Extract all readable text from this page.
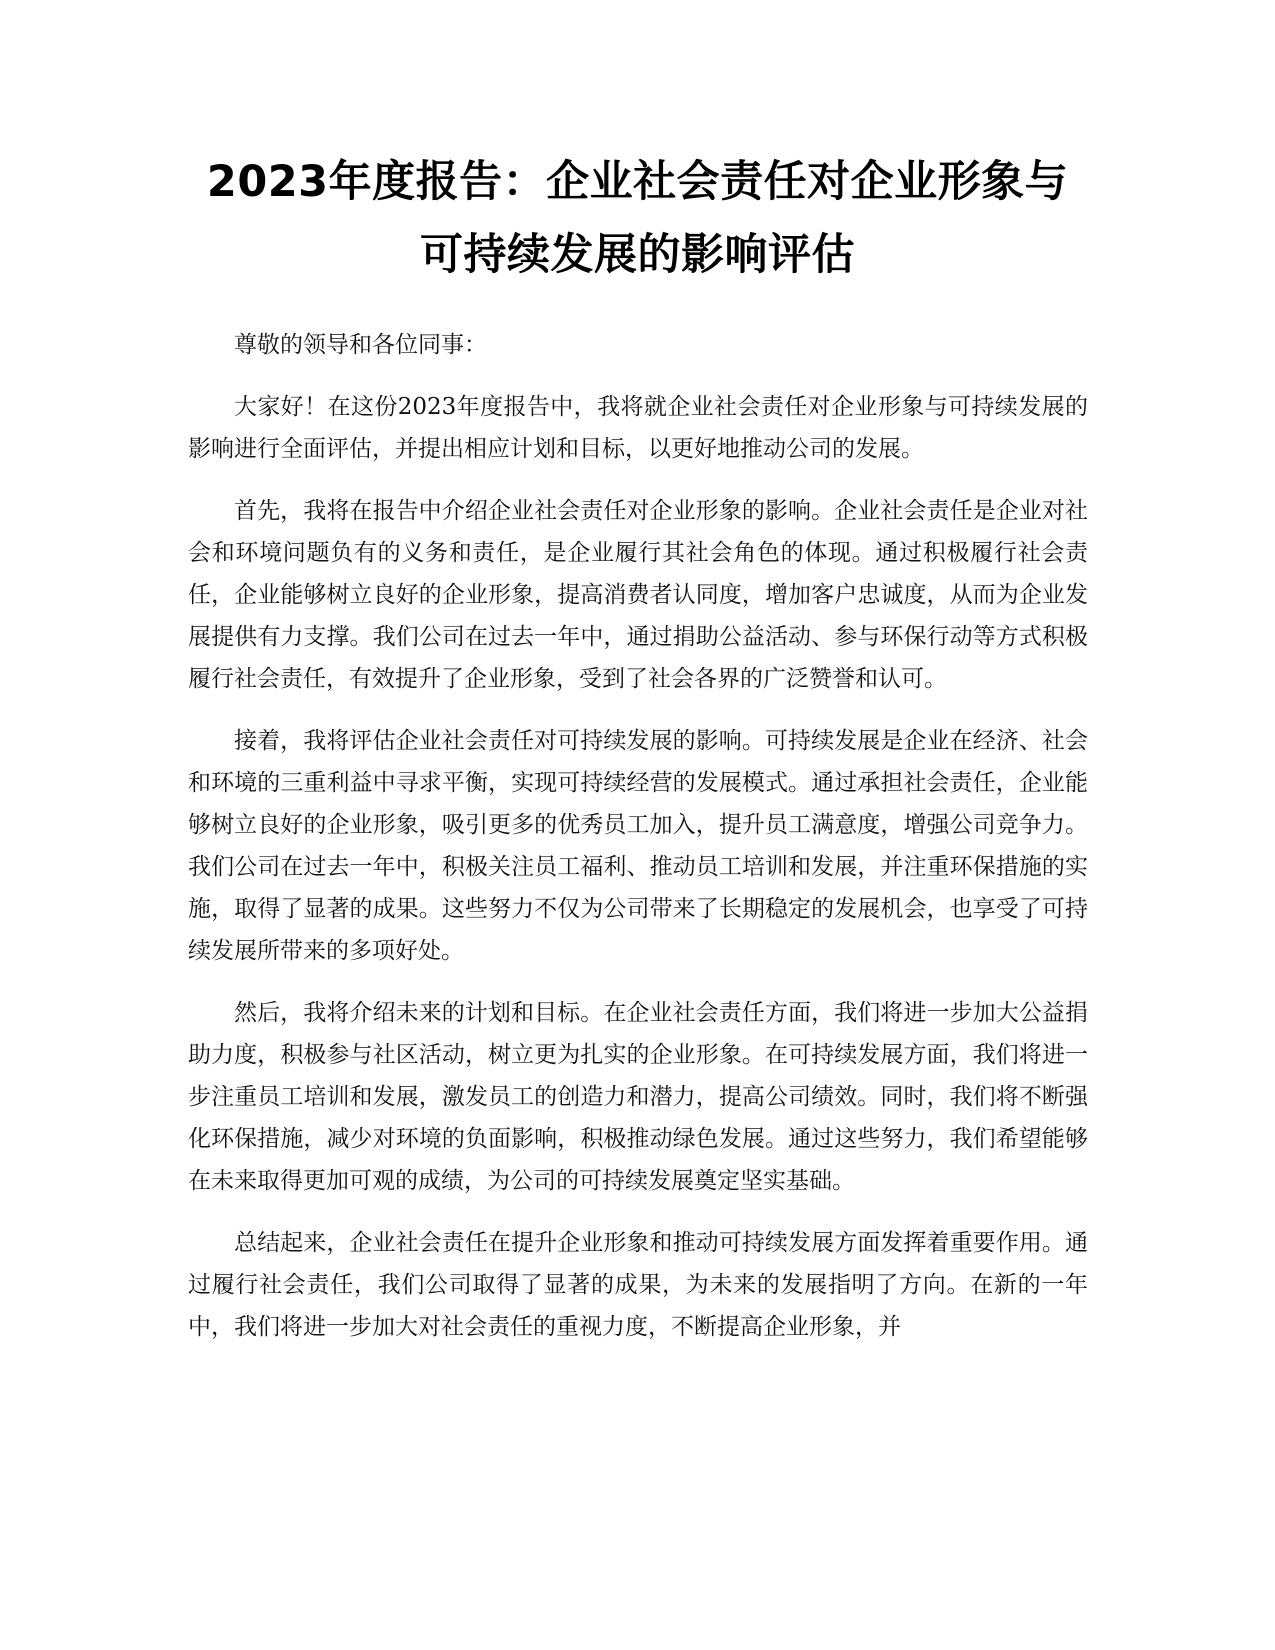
2023年度报告：企业社会责任对企业形象与
可持续发展的影响评估

尊敬的领导和各位同事：

大家好！在这份2023年度报告中，我将就企业社会责任对企业形象与可持续发展的影响进行全面评估，并提出相应计划和目标，以更好地推动公司的发展。

首先，我将在报告中介绍企业社会责任对企业形象的影响。企业社会责任是企业对社会和环境问题负有的义务和责任，是企业履行其社会角色的体现。通过积极履行社会责任，企业能够树立良好的企业形象，提高消费者认同度，增加客户忠诚度，从而为企业发展提供有力支撑。我们公司在过去一年中，通过捐助公益活动、参与环保行动等方式积极履行社会责任，有效提升了企业形象，受到了社会各界的广泛赞誉和认可。

接着，我将评估企业社会责任对可持续发展的影响。可持续发展是企业在经济、社会和环境的三重利益中寻求平衡，实现可持续经营的发展模式。通过承担社会责任，企业能够树立良好的企业形象，吸引更多的优秀员工加入，提升员工满意度，增强公司竞争力。我们公司在过去一年中，积极关注员工福利、推动员工培训和发展，并注重环保措施的实施，取得了显著的成果。这些努力不仅为公司带来了长期稳定的发展机会，也享受了可持续发展所带来的多项好处。

然后，我将介绍未来的计划和目标。在企业社会责任方面，我们将进一步加大公益捐助力度，积极参与社区活动，树立更为扎实的企业形象。在可持续发展方面，我们将进一步注重员工培训和发展，激发员工的创造力和潜力，提高公司绩效。同时，我们将不断强化环保措施，减少对环境的负面影响，积极推动绿色发展。通过这些努力，我们希望能够在未来取得更加可观的成绩，为公司的可持续发展奠定坚实基础。

总结起来，企业社会责任在提升企业形象和推动可持续发展方面发挥着重要作用。通过履行社会责任，我们公司取得了显著的成果，为未来的发展指明了方向。在新的一年中，我们将进一步加大对社会责任的重视力度，不断提高企业形象，并
